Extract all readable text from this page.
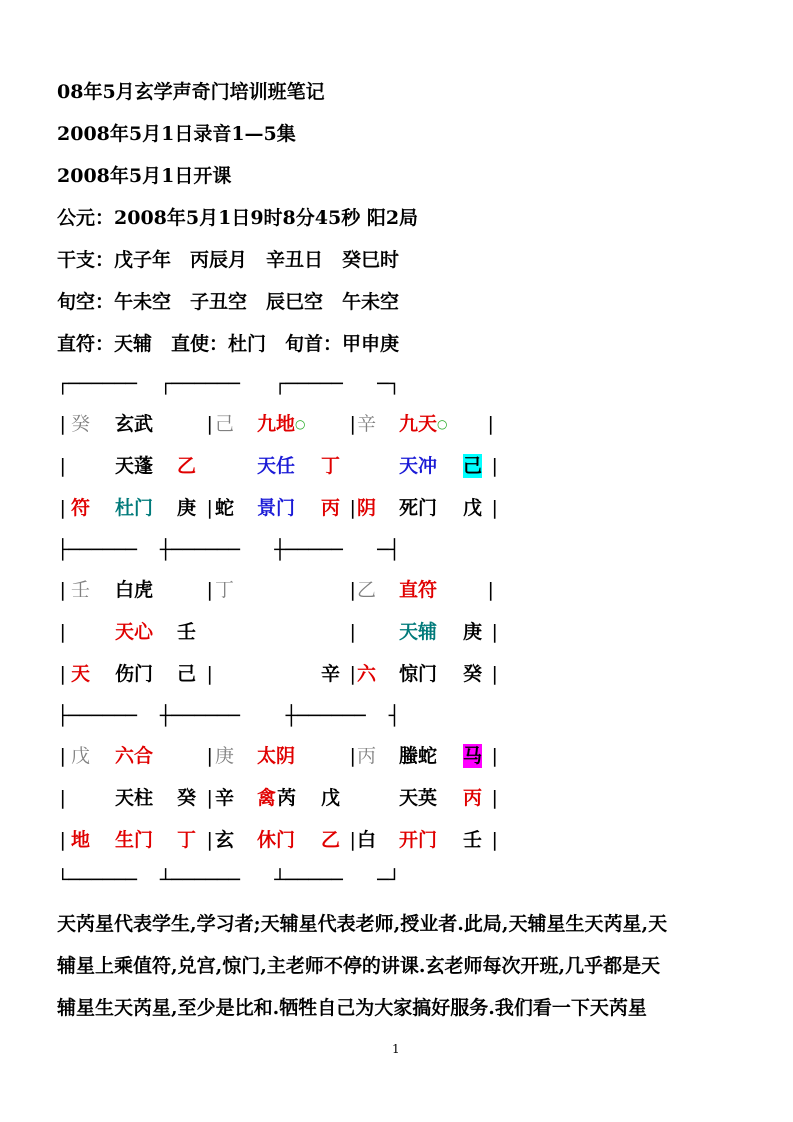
08年5月玄学声奇门培训班笔记
2008年5月1日录音1—5集
2008年5月1日开课
公元：2008年5月1日9时8分45秒 阳2局
干支：戊子年　丙辰月　辛丑日　癸巳时
旬空：午未空　子丑空　辰巳空　午未空
直符：天辅　直使：杜门　旬首：甲申庚
┌──────  ┌──────   ┌─────   ─┐
├──────  ┼──────   ┼─────   ─┤
├──────  ┼──────    ┼──────  ┤
└──────  ┴──────   ┴─────   ─┘
|
|
|
|
|
|
|
|
|
|
|
|
|
|
|
|
|
|
|
|
|
|
|
|
|
|
|
|
|
|
|
|
癸 玄武
天蓬 乙
符 杜门 庚
己 九地○
天任 丁
蛇 景门 丙
辛 九天○
天冲 己
阴 死门 戊
壬 白虎
天心 壬
天 伤门 己
丁
辛
乙 直符
天辅 庚
六 惊门 癸
戊 六合
天柱 癸
地 生门 丁
庚 太阴
辛 禽 芮 戊
玄 休门 乙
丙 螣蛇 马
天英 丙
白 开门 壬
天芮星代表学生,学习者;天辅星代表老师,授业者.此局,天辅星生天芮星,天
辅星上乘值符,兑宫,惊门,主老师不停的讲课.玄老师每次开班,几乎都是天
辅星生天芮星,至少是比和.牺牲自己为大家搞好服务.我们看一下天芮星
1
